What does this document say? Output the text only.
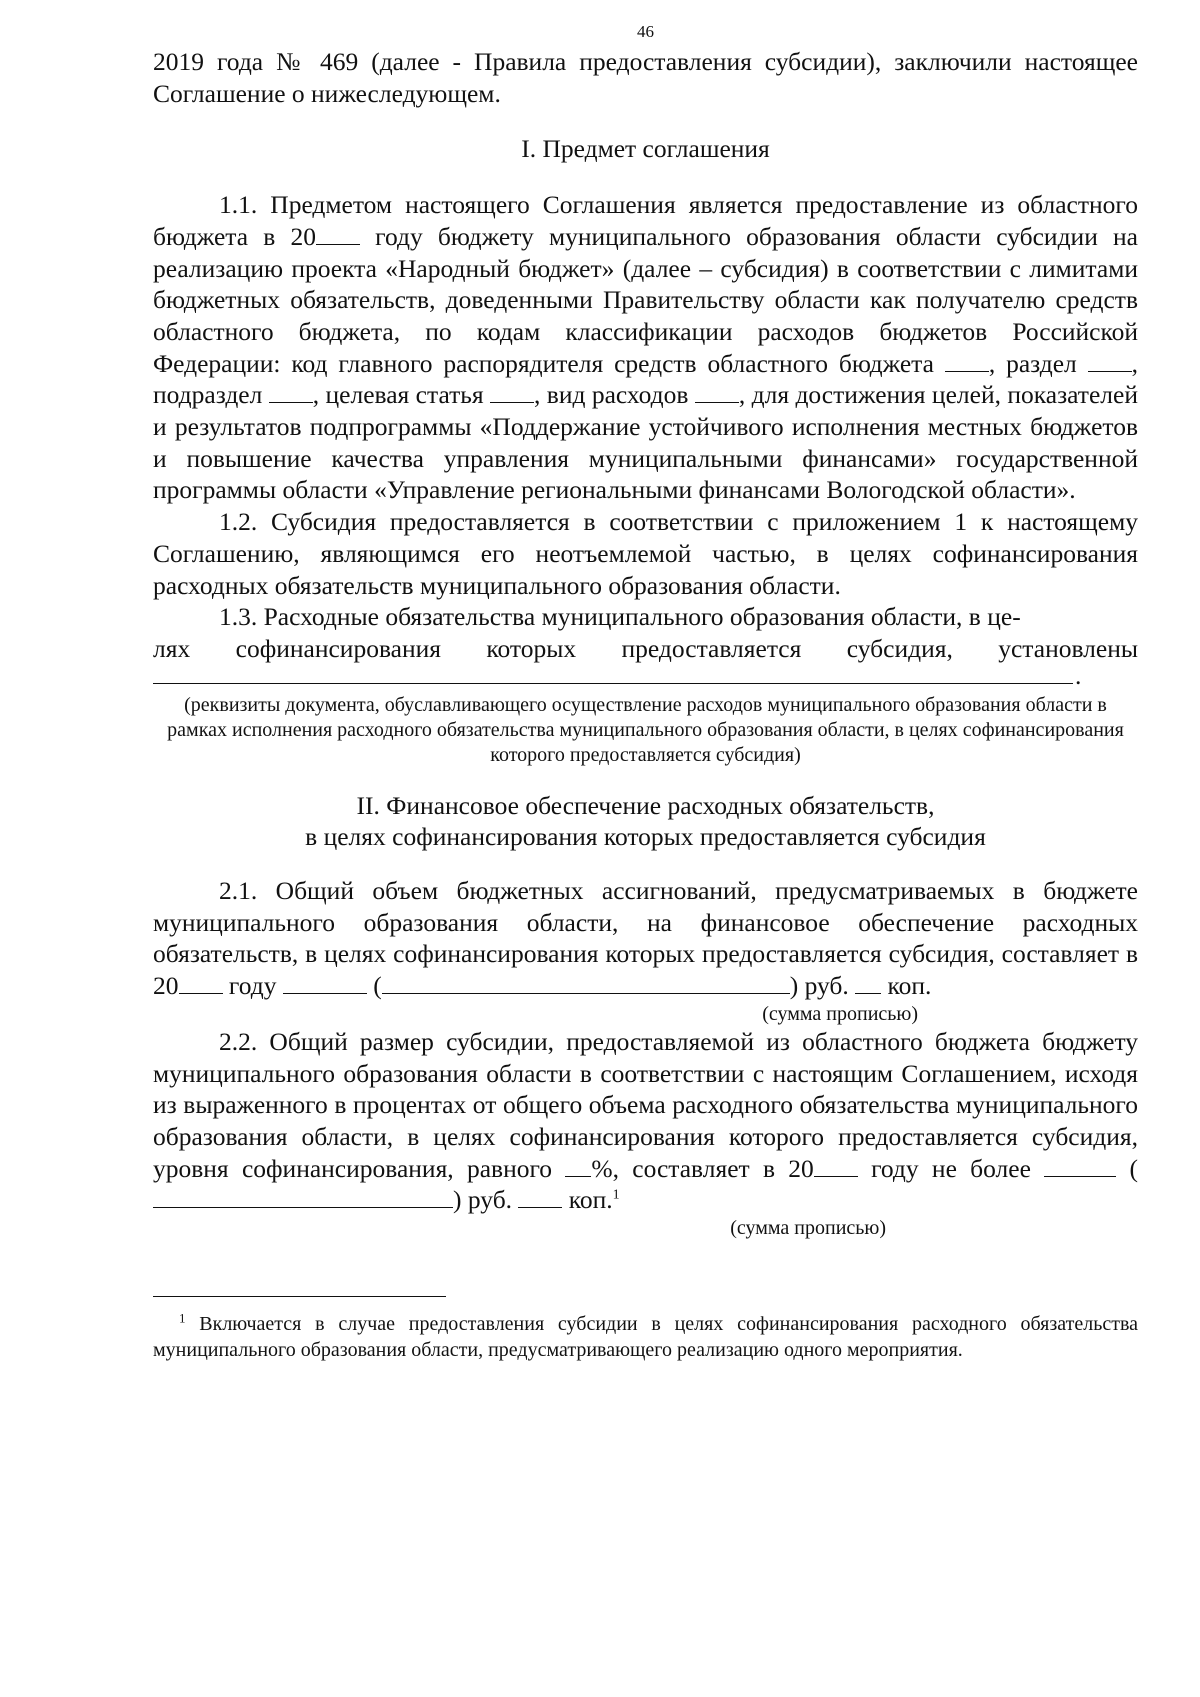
46

2019 года № 469 (далее - Правила предоставления субсидии), заключили настоящее Соглашение о нижеследующем.

I. Предмет соглашения

1.1. Предметом настоящего Соглашения является предоставление из областного бюджета в 20 году бюджету муниципального образования области субсидии на реализацию проекта «Народный бюджет» (далее – субсидия) в соответствии с лимитами бюджетных обязательств, доведенными Правительству области как получателю средств областного бюджета, по кодам классификации расходов бюджетов Российской Федерации: код главного распорядителя средств областного бюджета , раздел , подраздел , целевая статья , вид расходов , для достижения целей, показателей и результатов подпрограммы «Поддержание устойчивого исполнения местных бюджетов и повышение качества управления муниципальными финансами» государственной программы области «Управление региональными финансами Вологодской области».

1.2. Субсидия предоставляется в соответствии с приложением 1 к настоящему Соглашению, являющимся его неотъемлемой частью, в целях софинансирования расходных обязательств муниципального образования области.

1.3. Расходные обязательства муниципального образования области, в це-

лях софинансирования которых предоставляется субсидия, установлены

.

(реквизиты документа, обуславливающего осуществление расходов муниципального образования области в рамках исполнения расходного обязательства муниципального образования области, в целях софинансирования которого предоставляется субсидия)

II. Финансовое обеспечение расходных обязательств,
в целях софинансирования которых предоставляется субсидия

2.1. Общий объем бюджетных ассигнований, предусматриваемых в бюджете муниципального образования области, на финансовое обеспечение расходных обязательств, в целях софинансирования которых предоставляется субсидия, составляет в 20 году	(	) руб.  коп.

(сумма прописью)

2.2. Общий размер субсидии, предоставляемой из областного бюджета бюджету муниципального образования области в соответствии с настоящим Соглашением, исходя из выраженного в процентах от общего объема расходного обязательства муниципального образования области, в целях софинансирования которого предоставляется субсидия, уровня софинансирования, равного %, составляет в 20 году не более	() руб.  коп.$^1$

(сумма прописью)

$^1$ Включается в случае предоставления субсидии в целях софинансирования расходного обязательства муниципального образования области, предусматривающего реализацию одного мероприятия.
